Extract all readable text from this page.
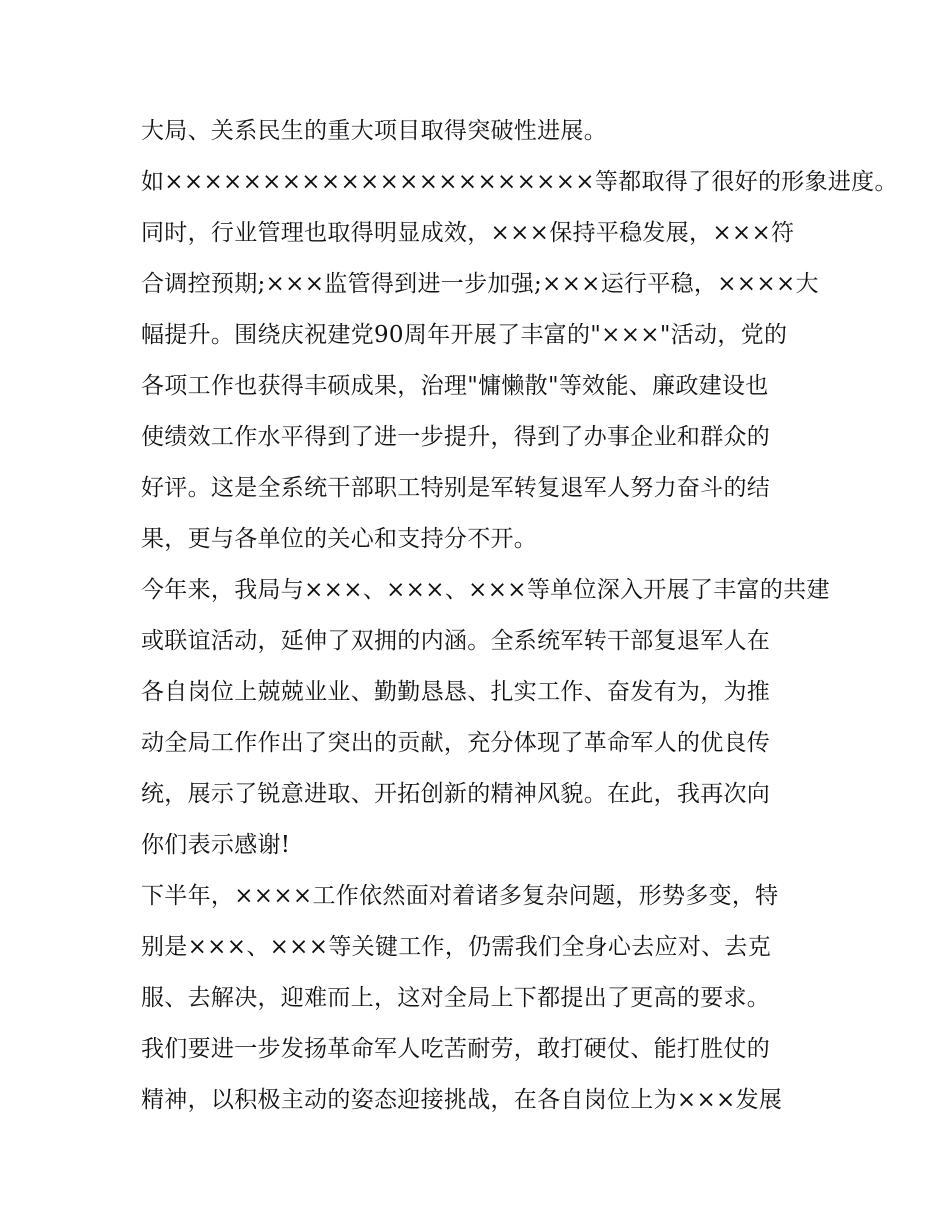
大局、关系民生的重大项目取得突破性进展。
如××××××××××××××××××××××等都取得了很好的形象进度。
同时，行业管理也取得明显成效，×××保持平稳发展，×××符
合调控预期;×××监管得到进一步加强;×××运行平稳，××××大
幅提升。围绕庆祝建党90周年开展了丰富的"×××"活动，党的
各项工作也获得丰硕成果，治理"慵懒散"等效能、廉政建设也
使绩效工作水平得到了进一步提升，得到了办事企业和群众的
好评。这是全系统干部职工特别是军转复退军人努力奋斗的结
果，更与各单位的关心和支持分不开。
今年来，我局与×××、×××、×××等单位深入开展了丰富的共建
或联谊活动，延伸了双拥的内涵。全系统军转干部复退军人在
各自岗位上兢兢业业、勤勤恳恳、扎实工作、奋发有为，为推
动全局工作作出了突出的贡献，充分体现了革命军人的优良传
统，展示了锐意进取、开拓创新的精神风貌。在此，我再次向
你们表示感谢!
下半年，××××工作依然面对着诸多复杂问题，形势多变，特
别是×××、×××等关键工作，仍需我们全身心去应对、去克
服、去解决，迎难而上，这对全局上下都提出了更高的要求。
我们要进一步发扬革命军人吃苦耐劳，敢打硬仗、能打胜仗的
精神，以积极主动的姿态迎接挑战，在各自岗位上为×××发展
